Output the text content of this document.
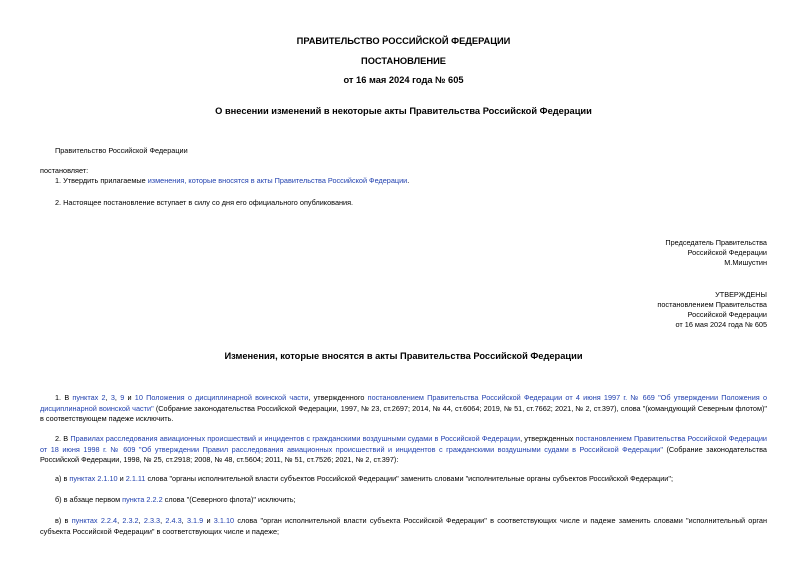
ПРАВИТЕЛЬСТВО РОССИЙСКОЙ ФЕДЕРАЦИИ
ПОСТАНОВЛЕНИЕ
от 16 мая 2024 года № 605
О внесении изменений в некоторые акты Правительства Российской Федерации
Правительство Российской Федерации
постановляет:
1. Утвердить прилагаемые изменения, которые вносятся в акты Правительства Российской Федерации.
2. Настоящее постановление вступает в силу со дня его официального опубликования.
Председатель Правительства
Российской Федерации
М.Мишустин
УТВЕРЖДЕНЫ
постановлением Правительства
Российской Федерации
от 16 мая 2024 года № 605
Изменения, которые вносятся в акты Правительства Российской Федерации
1. В пунктах 2, 3, 9 и 10 Положения о дисциплинарной воинской части, утвержденного постановлением Правительства Российской Федерации от 4 июня 1997 г. № 669 "Об утверждении Положения о дисциплинарной воинской части" (Собрание законодательства Российской Федерации, 1997, № 23, ст.2697; 2014, № 44, ст.6064; 2019, № 51, ст.7662; 2021, № 2, ст.397), слова "(командующий Северным флотом)" в соответствующем падеже исключить.
2. В Правилах расследования авиационных происшествий и инцидентов с гражданскими воздушными судами в Российской Федерации, утвержденных постановлением Правительства Российской Федерации от 18 июня 1998 г. № 609 "Об утверждении Правил расследования авиационных происшествий и инцидентов с гражданскими воздушными судами в Российской Федерации" (Собрание законодательства Российской Федерации, 1998, № 25, ст.2918; 2008, № 48, ст.5604; 2011, № 51, ст.7526; 2021, № 2, ст.397):
а) в пунктах 2.1.10 и 2.1.11 слова "органы исполнительной власти субъектов Российской Федерации" заменить словами "исполнительные органы субъектов Российской Федерации";
б) в абзаце первом пункта 2.2.2 слова "(Северного флота)" исключить;
в) в пунктах 2.2.4, 2.3.2, 2.3.3, 2.4.3, 3.1.9 и 3.1.10 слова "орган исполнительной власти субъекта Российской Федерации" в соответствующих числе и падеже заменить словами "исполнительный орган субъекта Российской Федерации" в соответствующих числе и падеже;
